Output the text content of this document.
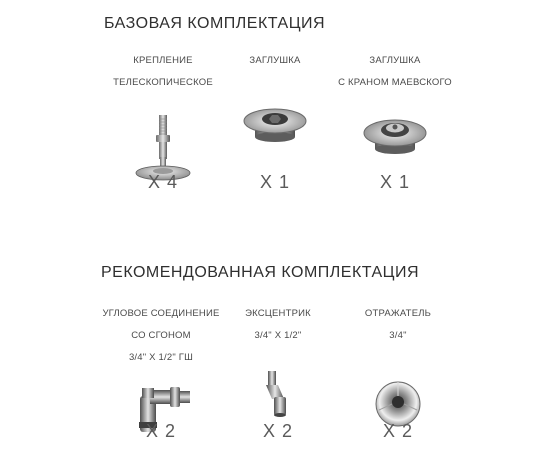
БАЗОВАЯ КОМПЛЕКТАЦИЯ

КРЕПЛЕНИЕ

ТЕЛЕСКОПИЧЕСКОЕ

X 4

ЗАГЛУШКА

X 1

ЗАГЛУШКА

С КРАНОМ МАЕВСКОГО

X 1
РЕКОМЕНДОВАННАЯ КОМПЛЕКТАЦИЯ

УГЛОВОЕ СОЕДИНЕНИЕ

СО СГОНОМ

3/4" X 1/2" ГШ

X 2

ЭКСЦЕНТРИК

3/4" X 1/2"

X 2

ОТРАЖАТЕЛЬ

3/4"

X 2
